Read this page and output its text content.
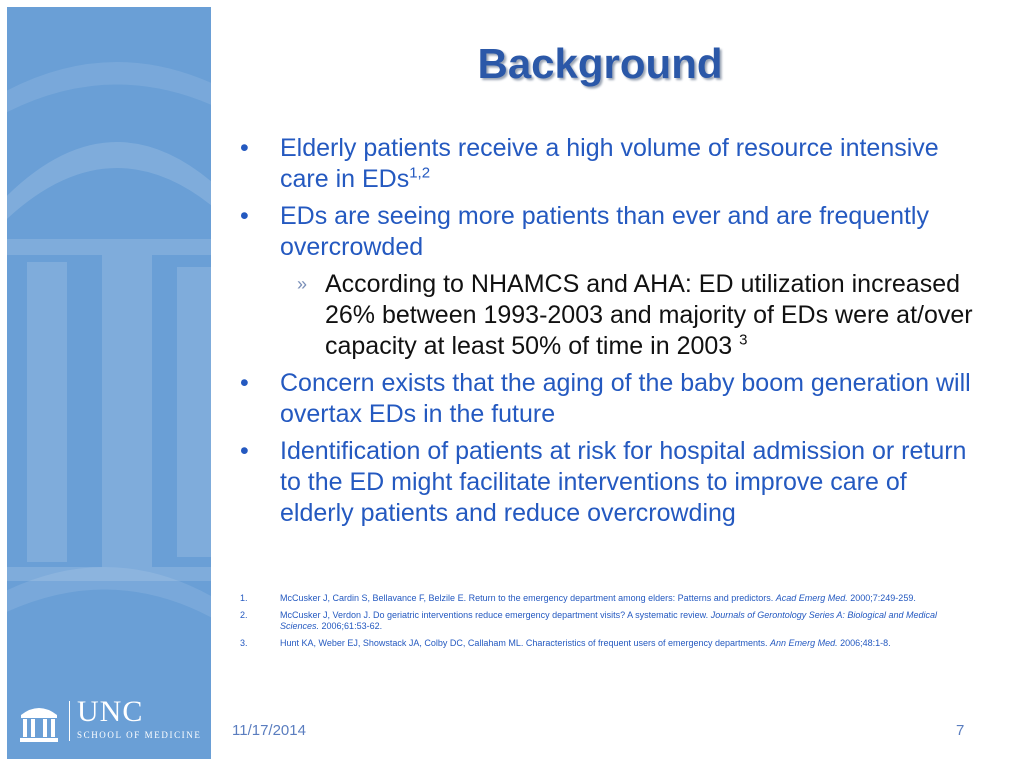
UNC
SCHOOL OF MEDICINE
Background
• Elderly patients receive a high volume of resource intensive care in EDs$^{1,2}$
• EDs are seeing more patients than ever and are frequently overcrowded
» According to NHAMCS and AHA: ED utilization increased 26% between 1993-2003 and majority of EDs were at/over capacity at least 50% of time in 2003 $^3$
• Concern exists that the aging of the baby boom generation will overtax EDs in the future
• Identification of patients at risk for hospital admission or return to the ED might facilitate interventions to improve care of elderly patients and reduce overcrowding
1.	McCusker J, Cardin S, Bellavance F, Belzile E. Return to the emergency department among elders: Patterns and predictors. Acad Emerg Med. 2000;7:249-259.
2.	McCusker J, Verdon J. Do geriatric interventions reduce emergency department visits? A systematic review. Journals of Gerontology Series A: Biological and Medical Sciences. 2006;61:53-62.
3.	Hunt KA, Weber EJ, Showstack JA, Colby DC, Callaham ML. Characteristics of frequent users of emergency departments. Ann Emerg Med. 2006;48:1-8.
11/17/2014	7
